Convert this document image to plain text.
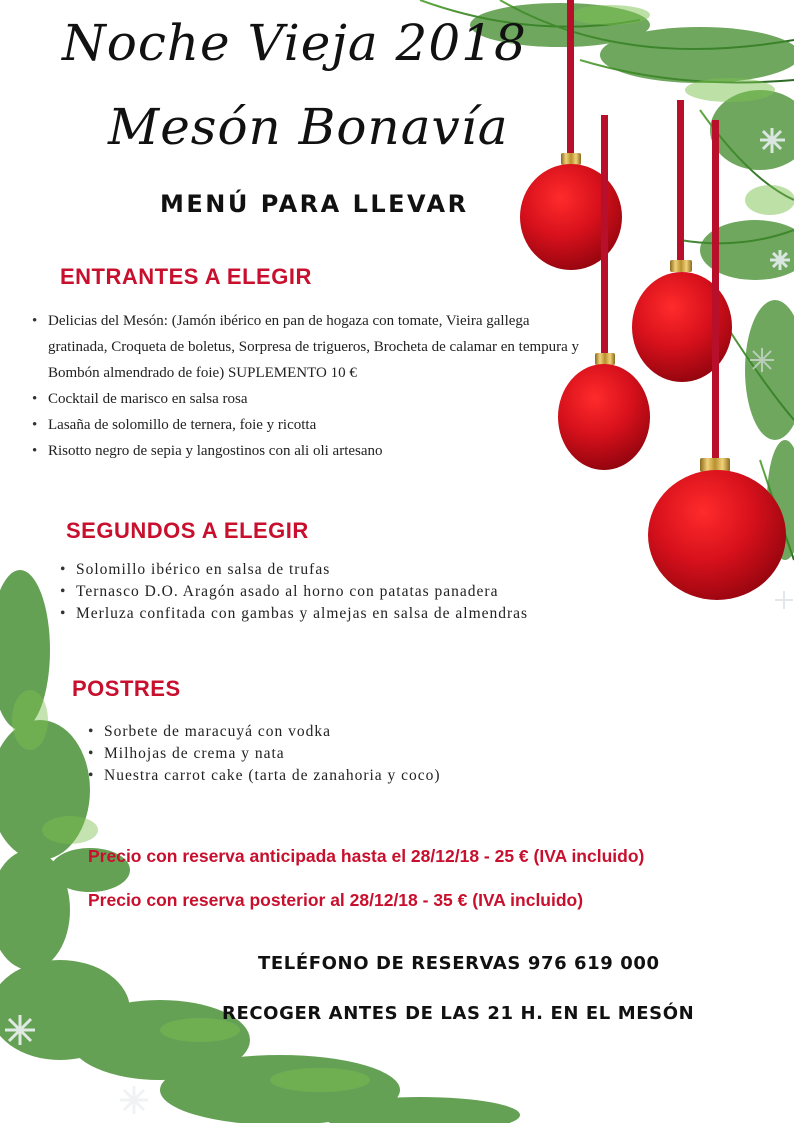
Noche Vieja 2018
Mesón Bonavía
MENÚ PARA LLEVAR
ENTRANTES A ELEGIR
• Delicias del Mesón: (Jamón ibérico en pan de hogaza con tomate, Vieira gallega gratinada, Croqueta de boletus, Sorpresa de trigueros, Brocheta de calamar en tempura y Bombón almendrado de foie) SUPLEMENTO 10 €
• Cocktail de marisco en salsa rosa
• Lasaña de solomillo de ternera, foie y ricotta
• Risotto negro de sepia y langostinos con ali oli artesano
SEGUNDOS A ELEGIR
• Solomillo ibérico en salsa de trufas
• Ternasco D.O. Aragón asado al horno con patatas panadera
• Merluza confitada con gambas y almejas en salsa de almendras
POSTRES
• Sorbete de maracuyá con vodka
• Milhojas de crema y nata
• Nuestra carrot cake (tarta de zanahoria y coco)
Precio con reserva anticipada hasta el 28/12/18 - 25 € (IVA incluido)
Precio con reserva posterior al 28/12/18 - 35 € (IVA incluido)
TELÉFONO DE RESERVAS 976 619 000
RECOGER ANTES DE LAS 21 H. EN EL MESÓN
